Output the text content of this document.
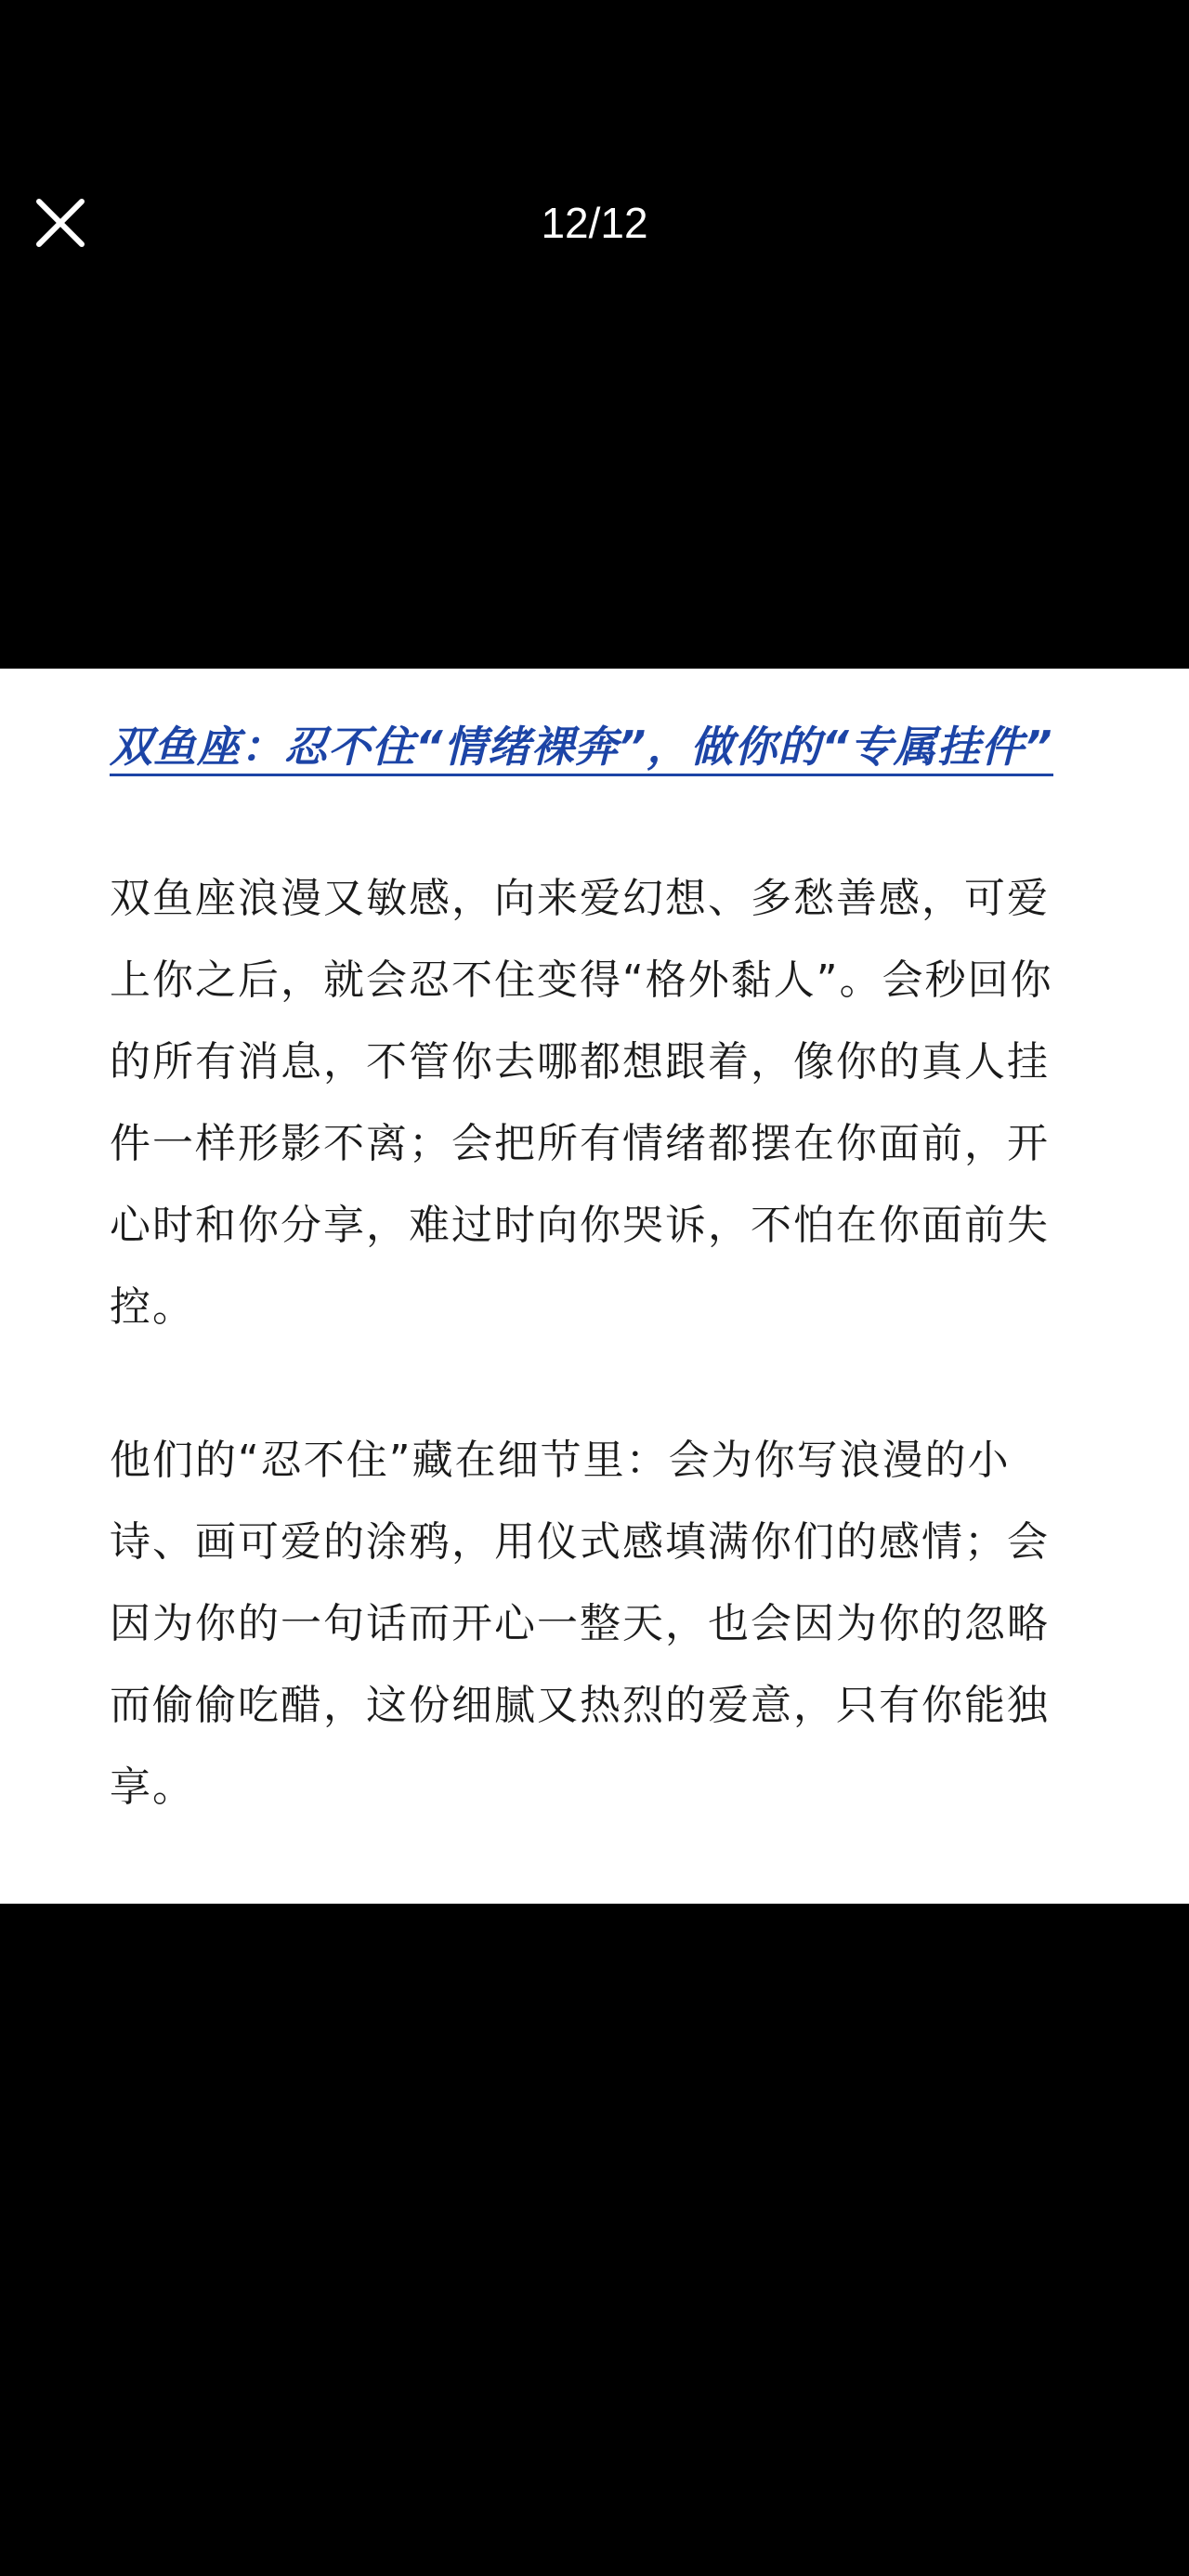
12/12
双鱼座：忍不住“情绪裸奔”，做你的“专属挂件”

双鱼座浪漫又敏感，向来爱幻想、多愁善感，可爱上你之后，就会忍不住变得“格外黏人”。会秒回你的所有消息，不管你去哪都想跟着，像你的真人挂件一样形影不离；会把所有情绪都摆在你面前，开心时和你分享，难过时向你哭诉，不怕在你面前失控。

他们的“忍不住”藏在细节里：会为你写浪漫的小诗、画可爱的涂鸦，用仪式感填满你们的感情；会因为你的一句话而开心一整天，也会因为你的忽略而偷偷吃醋，这份细腻又热烈的爱意，只有你能独享。
